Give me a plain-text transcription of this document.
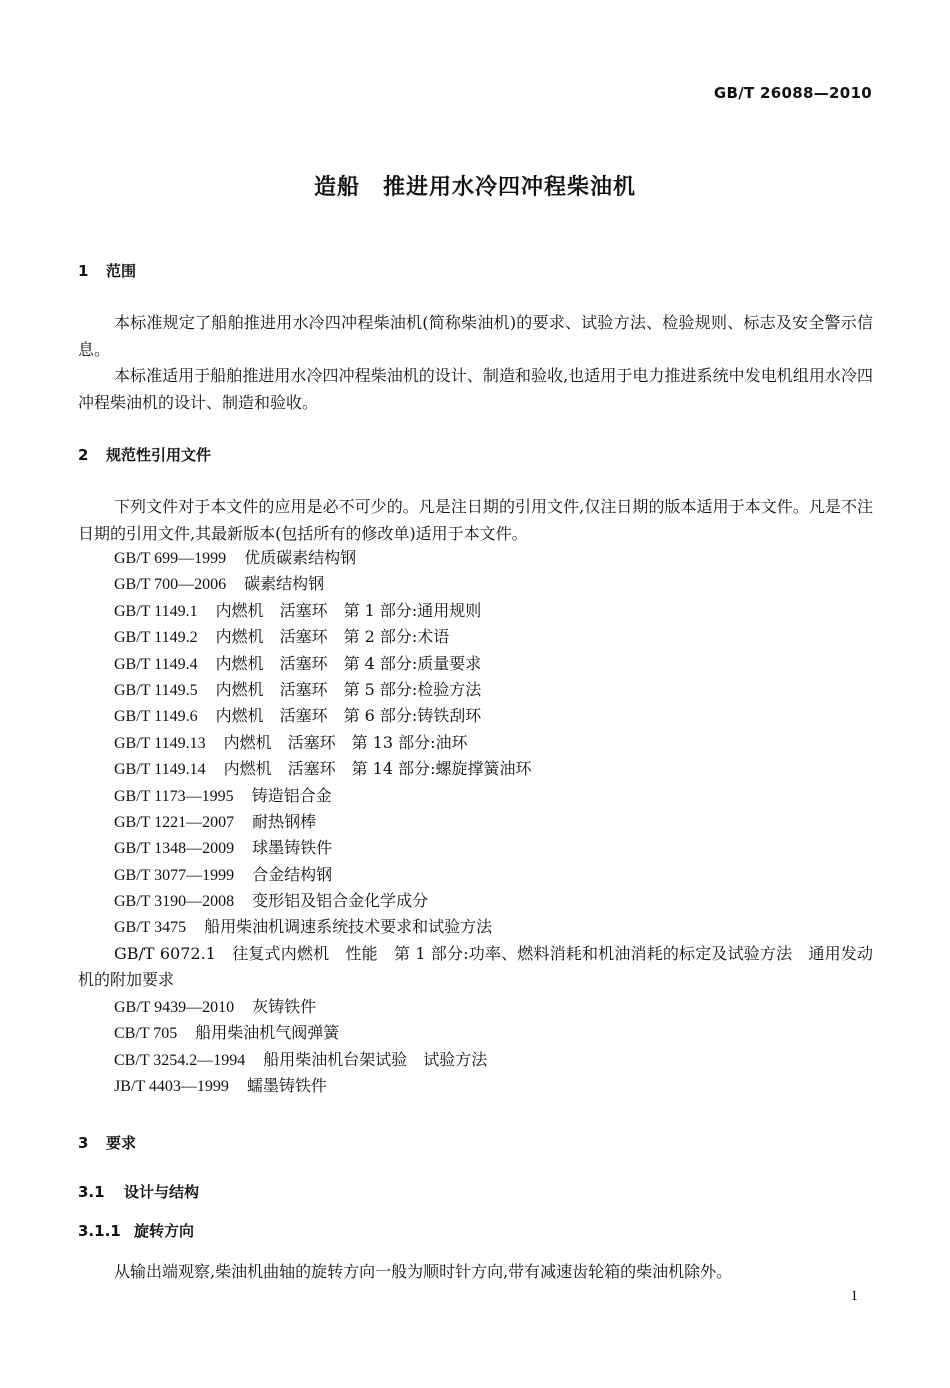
GB/T 26088—2010
造船　推进用水冷四冲程柴油机
1 范围
本标准规定了船舶推进用水冷四冲程柴油机(简称柴油机)的要求、试验方法、检验规则、标志及安全警示信息。
本标准适用于船舶推进用水冷四冲程柴油机的设计、制造和验收,也适用于电力推进系统中发电机组用水冷四冲程柴油机的设计、制造和验收。
2 规范性引用文件
下列文件对于本文件的应用是必不可少的。凡是注日期的引用文件,仅注日期的版本适用于本文件。凡是不注日期的引用文件,其最新版本(包括所有的修改单)适用于本文件。
GB/T 699—1999 优质碳素结构钢
GB/T 700—2006 碳素结构钢
GB/T 1149.1 内燃机　活塞环　第 1 部分:通用规则
GB/T 1149.2 内燃机　活塞环　第 2 部分:术语
GB/T 1149.4 内燃机　活塞环　第 4 部分:质量要求
GB/T 1149.5 内燃机　活塞环　第 5 部分:检验方法
GB/T 1149.6 内燃机　活塞环　第 6 部分:铸铁刮环
GB/T 1149.13 内燃机　活塞环　第 13 部分:油环
GB/T 1149.14 内燃机　活塞环　第 14 部分:螺旋撑簧油环
GB/T 1173—1995 铸造铝合金
GB/T 1221—2007 耐热钢棒
GB/T 1348—2009 球墨铸铁件
GB/T 3077—1999 合金结构钢
GB/T 3190—2008 变形铝及铝合金化学成分
GB/T 3475 船用柴油机调速系统技术要求和试验方法
GB/T 6072.1　往复式内燃机　性能　第 1 部分:功率、燃料消耗和机油消耗的标定及试验方法　通用发动机的附加要求
GB/T 9439—2010 灰铸铁件
CB/T 705 船用柴油机气阀弹簧
CB/T 3254.2—1994 船用柴油机台架试验　试验方法
JB/T 4403—1999 蠕墨铸铁件
3 要求
3.1 设计与结构
3.1.1 旋转方向
从输出端观察,柴油机曲轴的旋转方向一般为顺时针方向,带有减速齿轮箱的柴油机除外。
1
